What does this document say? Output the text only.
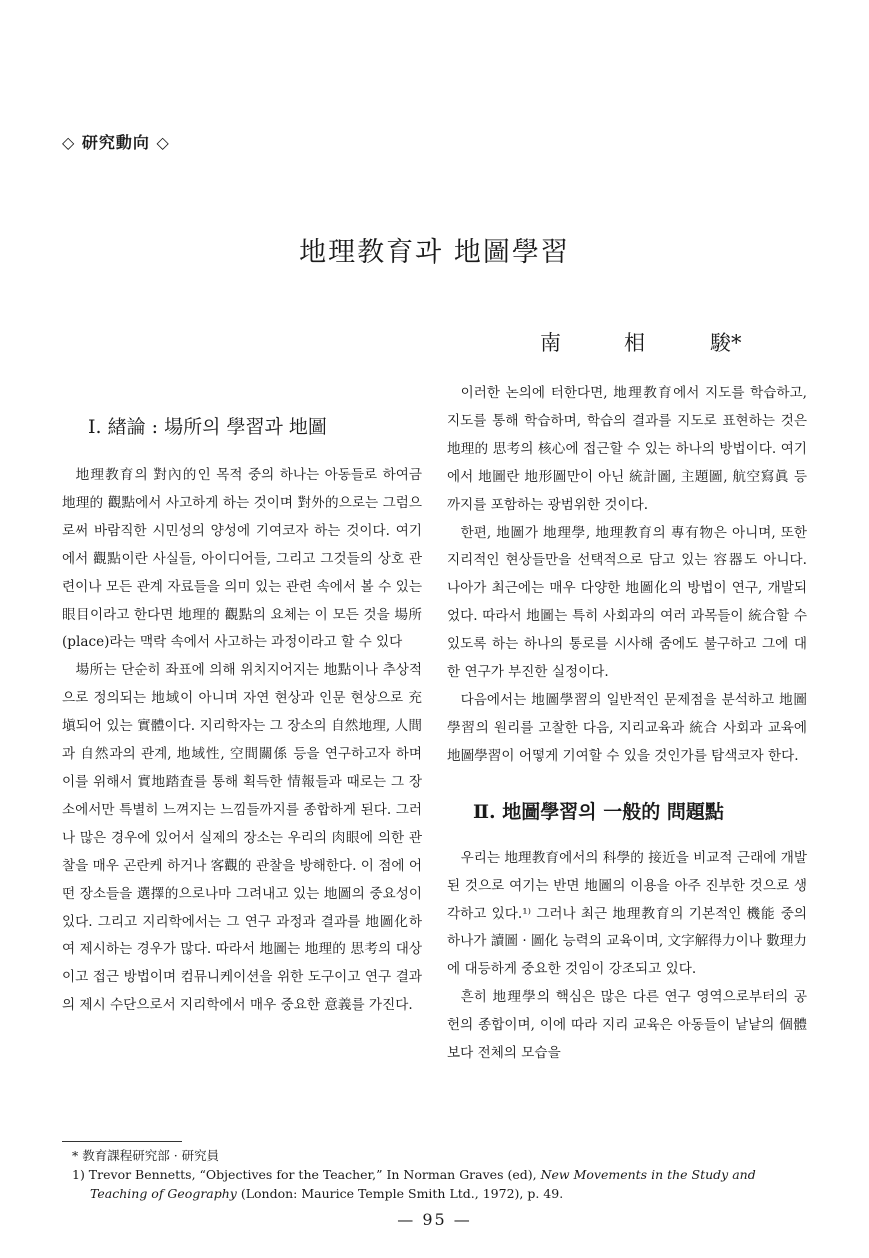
◇ 研究動向 ◇
地理教育과 地圖學習
南	相	駿*
Ⅰ. 緖論 : 場所의 學習과 地圖

地理教育의 對內的인 목적 중의 하나는 아동들로 하여금 地理的 觀點에서 사고하게 하는 것이며 對外的으로는 그럼으로써 바람직한 시민성의 양성에 기여코자 하는 것이다. 여기에서 觀點이란 사실들, 아이디어들, 그리고 그것들의 상호 관련이나 모든 관계 자료들을 의미 있는 관련 속에서 볼 수 있는 眼目이라고 한다면 地理的 觀點의 요체는 이 모든 것을 場所(place)라는 맥락 속에서 사고하는 과정이라고 할 수 있다

場所는 단순히 좌표에 의해 위치지어지는 地點이나 추상적으로 정의되는 地域이 아니며 자연 현상과 인문 현상으로 充塡되어 있는 實體이다. 지리학자는 그 장소의 自然地理, 人間과 自然과의 관계, 地域性, 空間關係 등을 연구하고자 하며 이를 위해서 實地踏査를 통해 획득한 情報들과 때로는 그 장소에서만 특별히 느껴지는 느낌들까지를 종합하게 된다. 그러나 많은 경우에 있어서 실제의 장소는 우리의 肉眼에 의한 관찰을 매우 곤란케 하거나 客觀的 관찰을 방해한다. 이 점에 어떤 장소들을 選擇的으로나마 그려내고 있는 地圖의 중요성이 있다. 그리고 지리학에서는 그 연구 과정과 결과를 地圖化하여 제시하는 경우가 많다. 따라서 地圖는 地理的 思考의 대상이고 접근 방법이며 컴뮤니케이션을 위한 도구이고 연구 결과의 제시 수단으로서 지리학에서 매우 중요한 意義를 가진다.

이러한 논의에 터한다면, 地理教育에서 지도를 학습하고, 지도를 통해 학습하며, 학습의 결과를 지도로 표현하는 것은 地理的 思考의 核心에 접근할 수 있는 하나의 방법이다. 여기에서 地圖란 地形圖만이 아닌 統計圖, 主題圖, 航空寫眞 등까지를 포함하는 광범위한 것이다.

한편, 地圖가 地理學, 地理教育의 專有物은 아니며, 또한 지리적인 현상들만을 선택적으로 담고 있는 容器도 아니다. 나아가 최근에는 매우 다양한 地圖化의 방법이 연구, 개발되었다. 따라서 地圖는 특히 사회과의 여러 과목들이 統合할 수 있도록 하는 하나의 통로를 시사해 줌에도 불구하고 그에 대한 연구가 부진한 실정이다.

다음에서는 地圖學習의 일반적인 문제점을 분석하고 地圖學習의 원리를 고찰한 다음, 지리교육과 統合 사회과 교육에 地圖學習이 어떻게 기여할 수 있을 것인가를 탐색코자 한다.

Ⅱ. 地圖學習의 一般的 問題點

우리는 地理教育에서의 科學的 接近을 비교적 근래에 개발된 것으로 여기는 반면 地圖의 이용을 아주 진부한 것으로 생각하고 있다.¹⁾ 그러나 최근 地理教育의 기본적인 機能 중의 하나가 讀圖 · 圖化 능력의 교육이며, 文字解得力이나 數理力에 대등하게 중요한 것임이 강조되고 있다.

흔히 地理學의 핵심은 많은 다른 연구 영역으로부터의 공헌의 종합이며, 이에 따라 지리 교육은 아동들이 낱낱의 個體보다 전체의 모습을

* 教育課程研究部 · 研究員
1) Trevor Bennetts, “Objectives for the Teacher,” In Norman Graves (ed), New Movements in the Study and Teaching of Geography (London: Maurice Temple Smith Ltd., 1972), p. 49.
— 95 —
